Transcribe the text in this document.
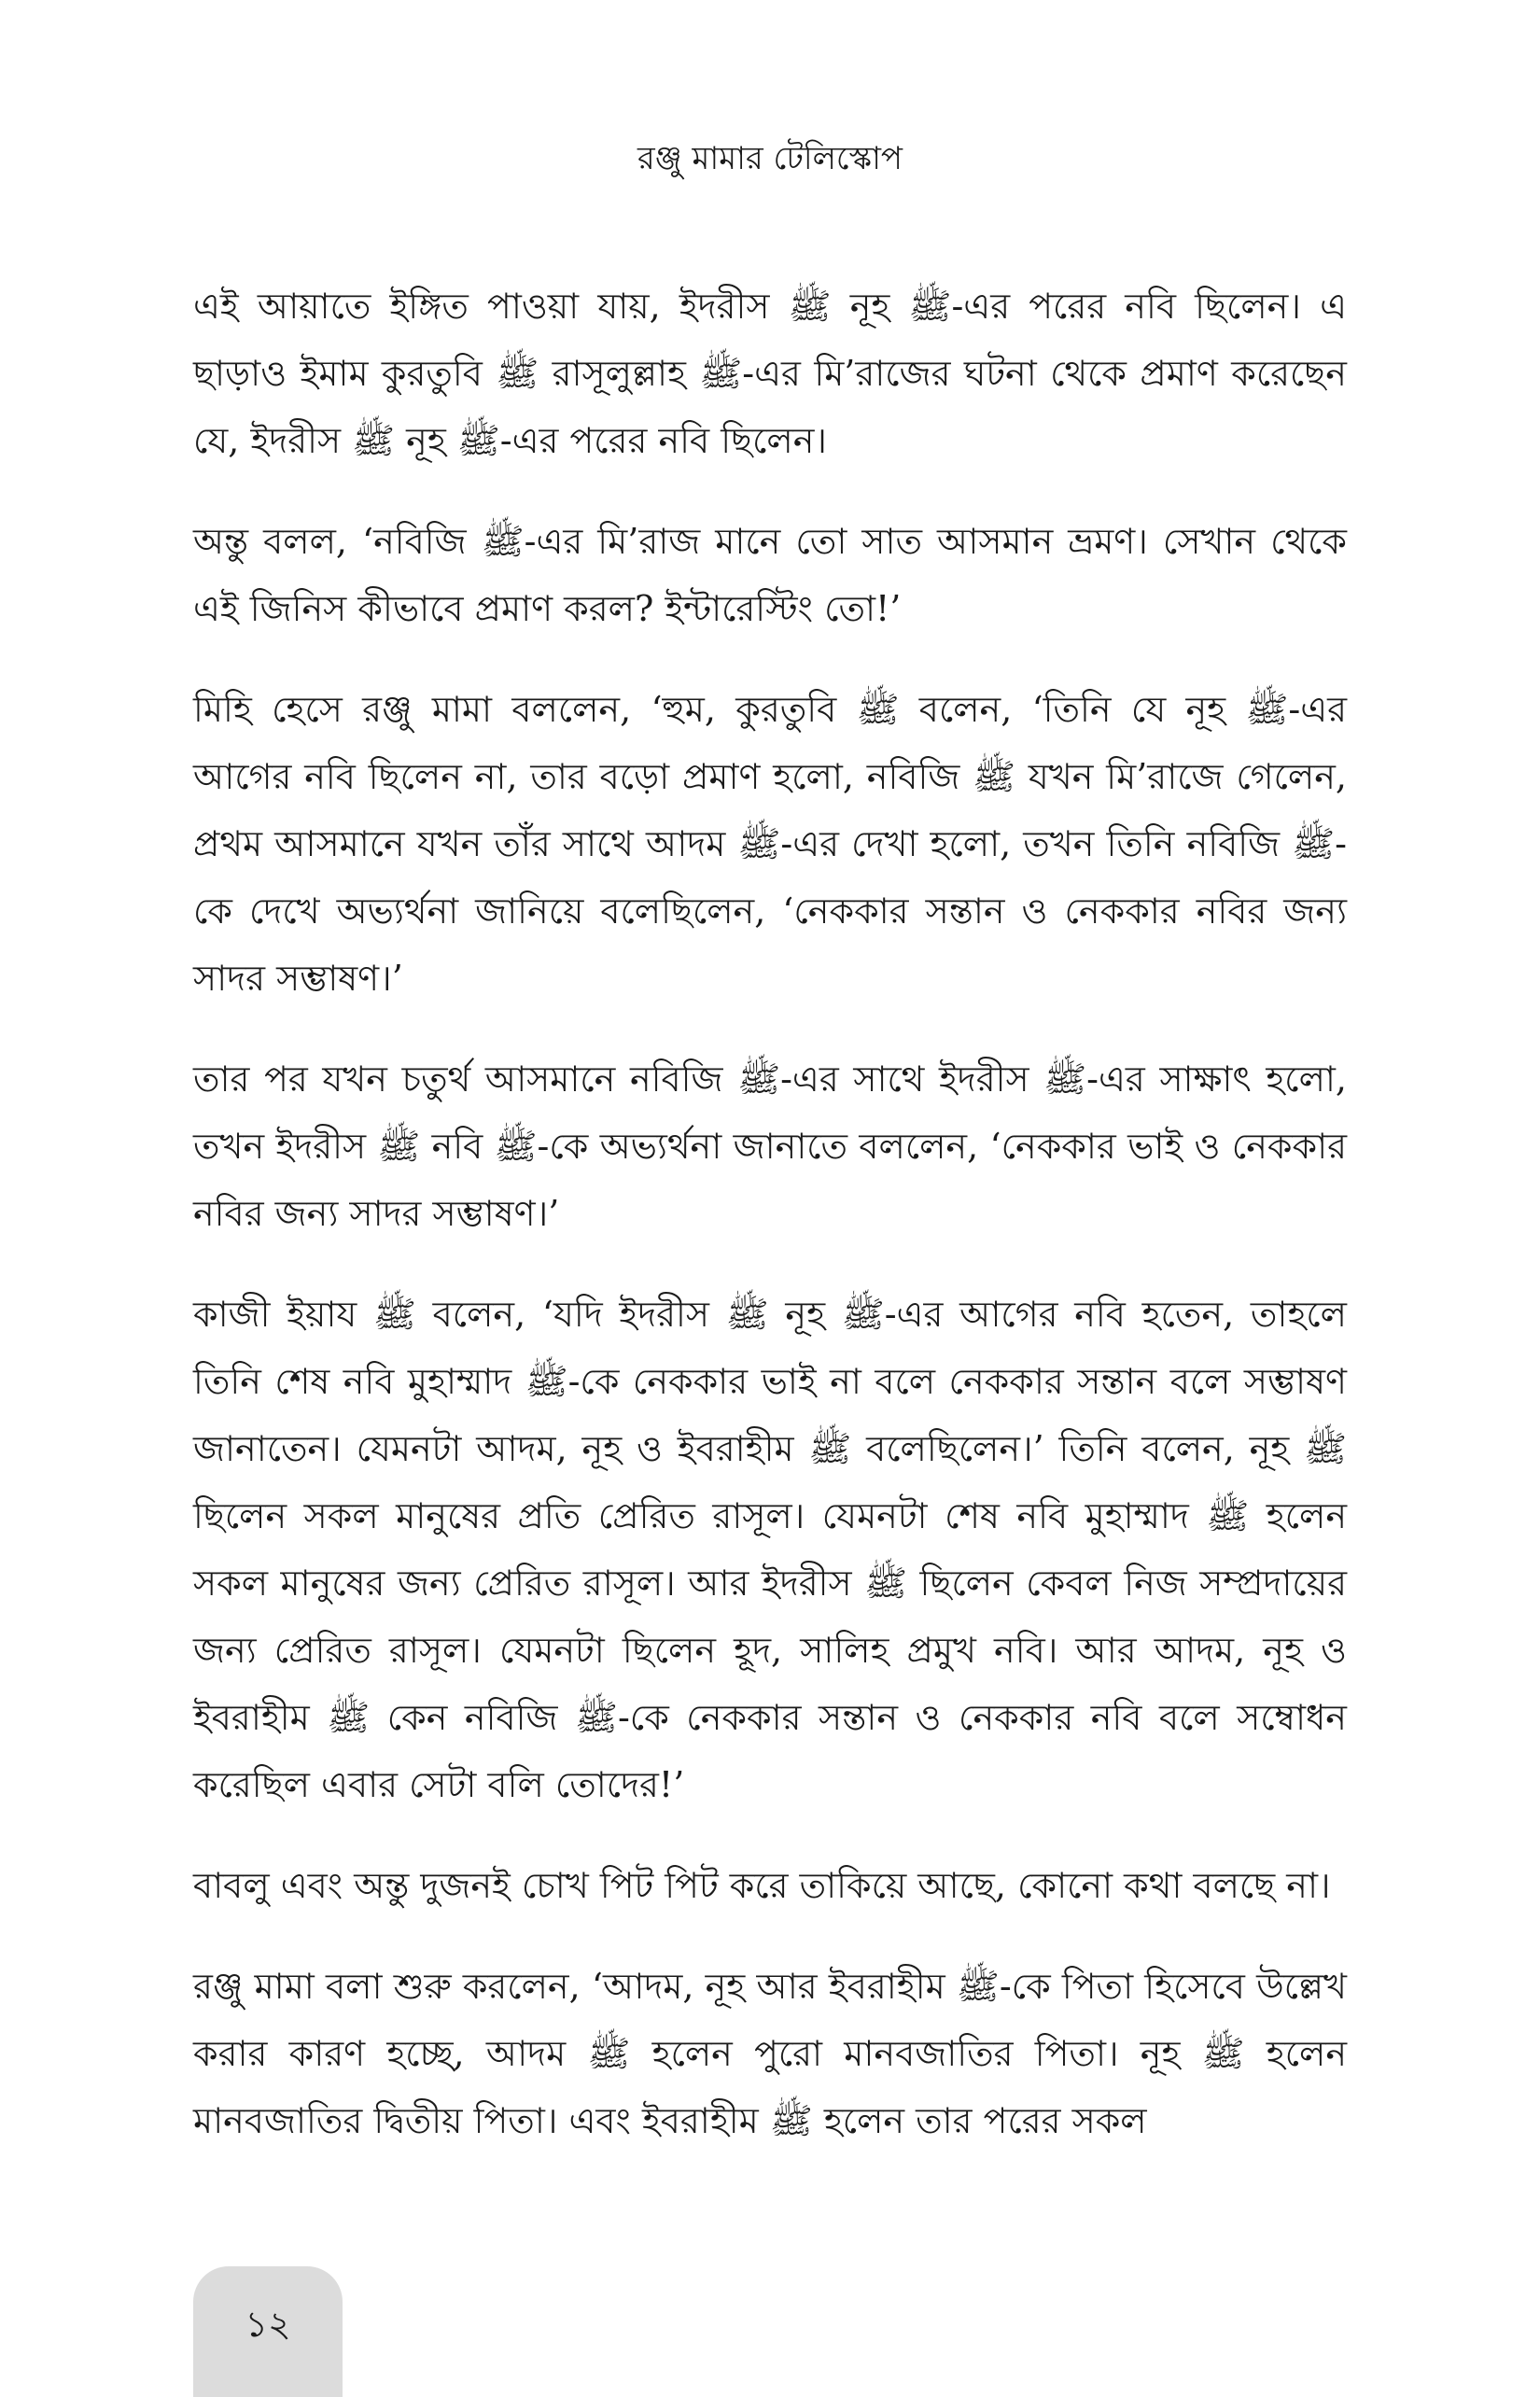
রঞ্জু মামার টেলিস্কোপ

এই আয়াতে ইঙ্গিত পাওয়া যায়, ইদরীস ﷺ নূহ ﷺ-এর পরের নবি ছিলেন। এ ছাড়াও ইমাম কুরতুবি ﷺ রাসূলুল্লাহ ﷺ-এর মি’রাজের ঘটনা থেকে প্রমাণ করেছেন যে, ইদরীস ﷺ নূহ ﷺ-এর পরের নবি ছিলেন।

অন্তু বলল, ‘নবিজি ﷺ-এর মি’রাজ মানে তো সাত আসমান ভ্রমণ। সেখান থেকে এই জিনিস কীভাবে প্রমাণ করল? ইন্টারেস্টিং তো!’

মিহি হেসে রঞ্জু মামা বললেন, ‘হুম, কুরতুবি ﷺ বলেন, ‘তিনি যে নূহ ﷺ-এর আগের নবি ছিলেন না, তার বড়ো প্রমাণ হলো, নবিজি ﷺ যখন মি’রাজে গেলেন, প্রথম আসমানে যখন তাঁর সাথে আদম ﷺ-এর দেখা হলো, তখন তিনি নবিজি ﷺ-কে দেখে অভ্যর্থনা জানিয়ে বলেছিলেন, ‘নেককার সন্তান ও নেককার নবির জন্য সাদর সম্ভাষণ।’

তার পর যখন চতুর্থ আসমানে নবিজি ﷺ-এর সাথে ইদরীস ﷺ-এর সাক্ষাৎ হলো, তখন ইদরীস ﷺ নবি ﷺ-কে অভ্যর্থনা জানাতে বললেন, ‘নেককার ভাই ও নেককার নবির জন্য সাদর সম্ভাষণ।’

কাজী ইয়ায ﷺ বলেন, ‘যদি ইদরীস ﷺ নূহ ﷺ-এর আগের নবি হতেন, তাহলে তিনি শেষ নবি মুহাম্মাদ ﷺ-কে নেককার ভাই না বলে নেককার সন্তান বলে সম্ভাষণ জানাতেন। যেমনটা আদম, নূহ ও ইবরাহীম ﷺ বলেছিলেন।’ তিনি বলেন, নূহ ﷺ ছিলেন সকল মানুষের প্রতি প্রেরিত রাসূল। যেমনটা শেষ নবি মুহাম্মাদ ﷺ হলেন সকল মানুষের জন্য প্রেরিত রাসূল। আর ইদরীস ﷺ ছিলেন কেবল নিজ সম্প্রদায়ের জন্য প্রেরিত রাসূল। যেমনটা ছিলেন হূদ, সালিহ প্রমুখ নবি। আর আদম, নূহ ও ইবরাহীম ﷺ কেন নবিজি ﷺ-কে নেককার সন্তান ও নেককার নবি বলে সম্বোধন করেছিল এবার সেটা বলি তোদের!’

বাবলু এবং অন্তু দুজনই চোখ পিট পিট করে তাকিয়ে আছে, কোনো কথা বলছে না।

রঞ্জু মামা বলা শুরু করলেন, ‘আদম, নূহ আর ইবরাহীম ﷺ-কে পিতা হিসেবে উল্লেখ করার কারণ হচ্ছে, আদম ﷺ হলেন পুরো মানবজাতির পিতা। নূহ ﷺ হলেন মানবজাতির দ্বিতীয় পিতা। এবং ইবরাহীম ﷺ হলেন তার পরের সকল

১২
